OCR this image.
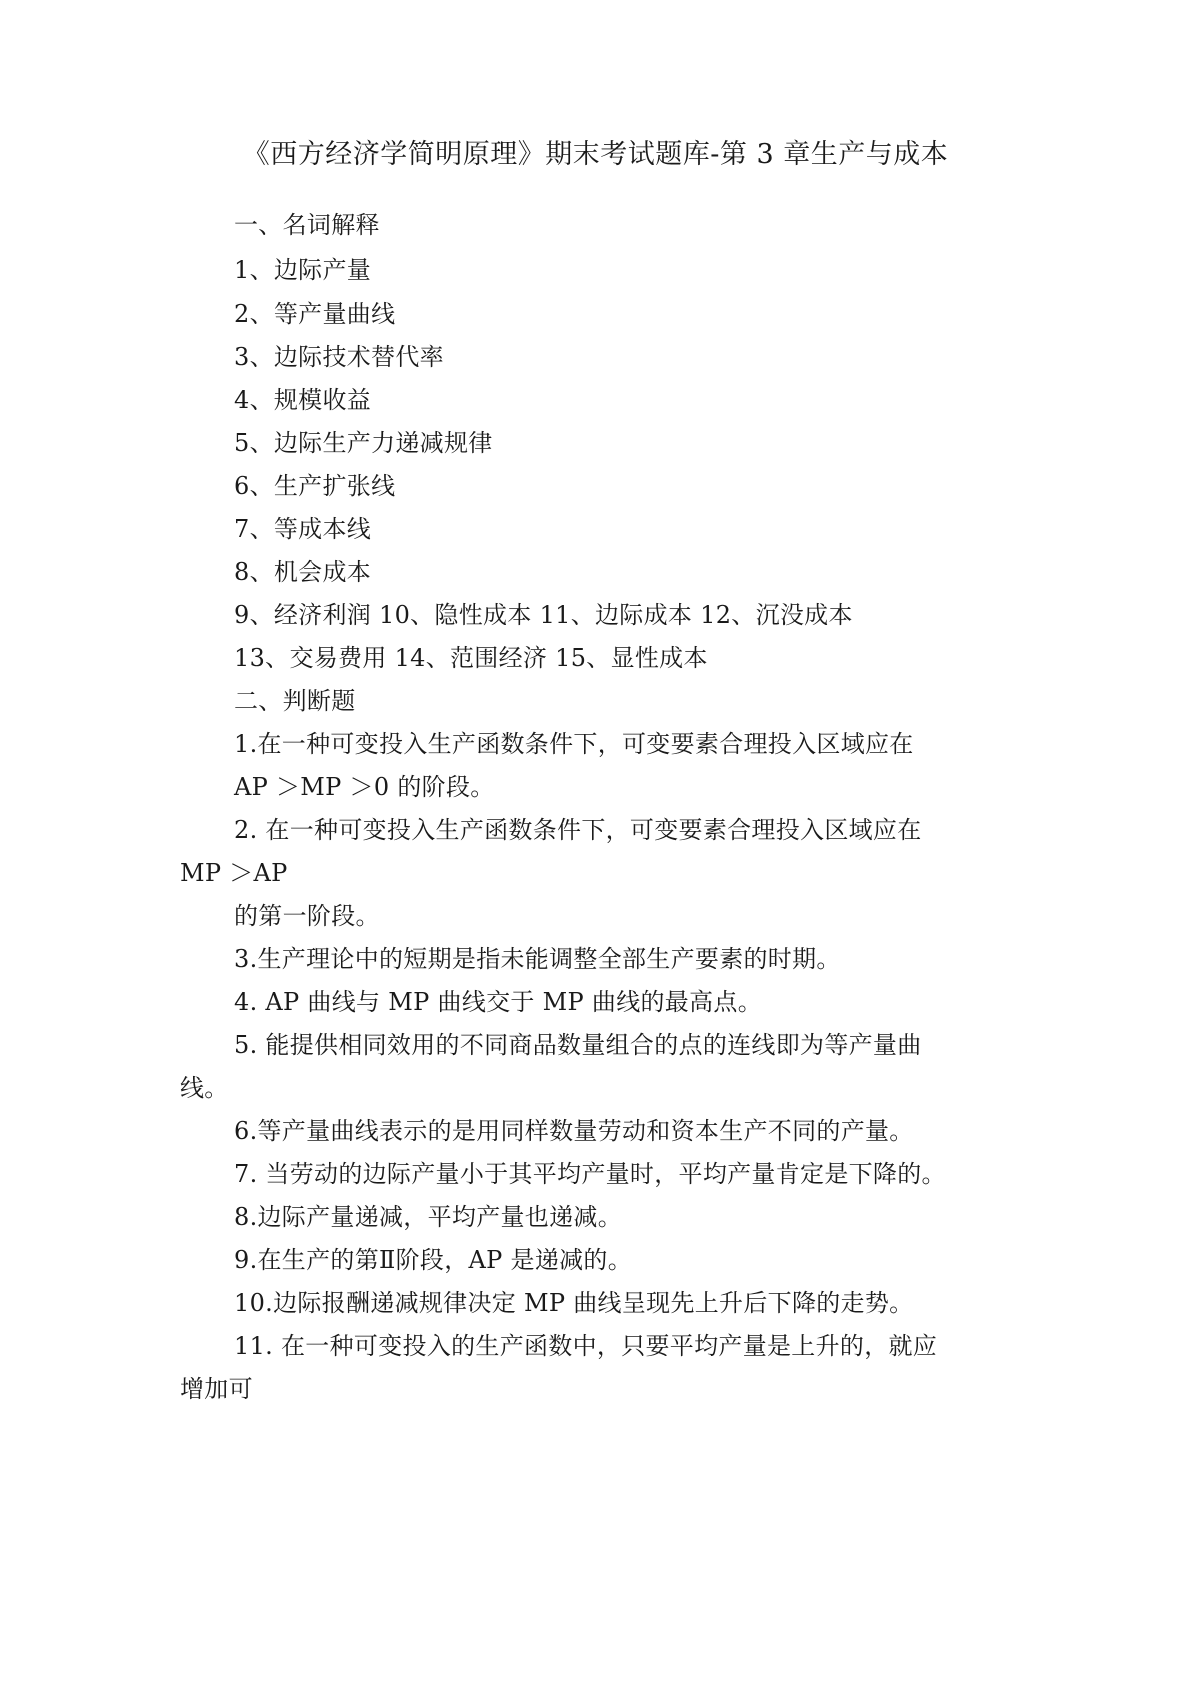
《西方经济学简明原理》期末考试题库-第 3 章生产与成本
一、名词解释
1、边际产量
2、等产量曲线
3、边际技术替代率
4、规模收益
5、边际生产力递减规律
6、生产扩张线
7、等成本线
8、机会成本
9、经济利润 10、隐性成本 11、边际成本 12、沉没成本
13、交易费用 14、范围经济 15、显性成本
二、判断题
1.在一种可变投入生产函数条件下，可变要素合理投入区域应在
AP ＞MP ＞0 的阶段。
2. 在一种可变投入生产函数条件下，可变要素合理投入区域应在
MP ＞AP
的第一阶段。
3.生产理论中的短期是指未能调整全部生产要素的时期。
4. AP 曲线与 MP 曲线交于 MP 曲线的最高点。
5. 能提供相同效用的不同商品数量组合的点的连线即为等产量曲
线。
6.等产量曲线表示的是用同样数量劳动和资本生产不同的产量。
7. 当劳动的边际产量小于其平均产量时，平均产量肯定是下降的。
8.边际产量递减，平均产量也递减。
9.在生产的第Ⅱ阶段，AP 是递减的。
10.边际报酬递减规律决定 MP 曲线呈现先上升后下降的走势。
11. 在一种可变投入的生产函数中，只要平均产量是上升的，就应
增加可
